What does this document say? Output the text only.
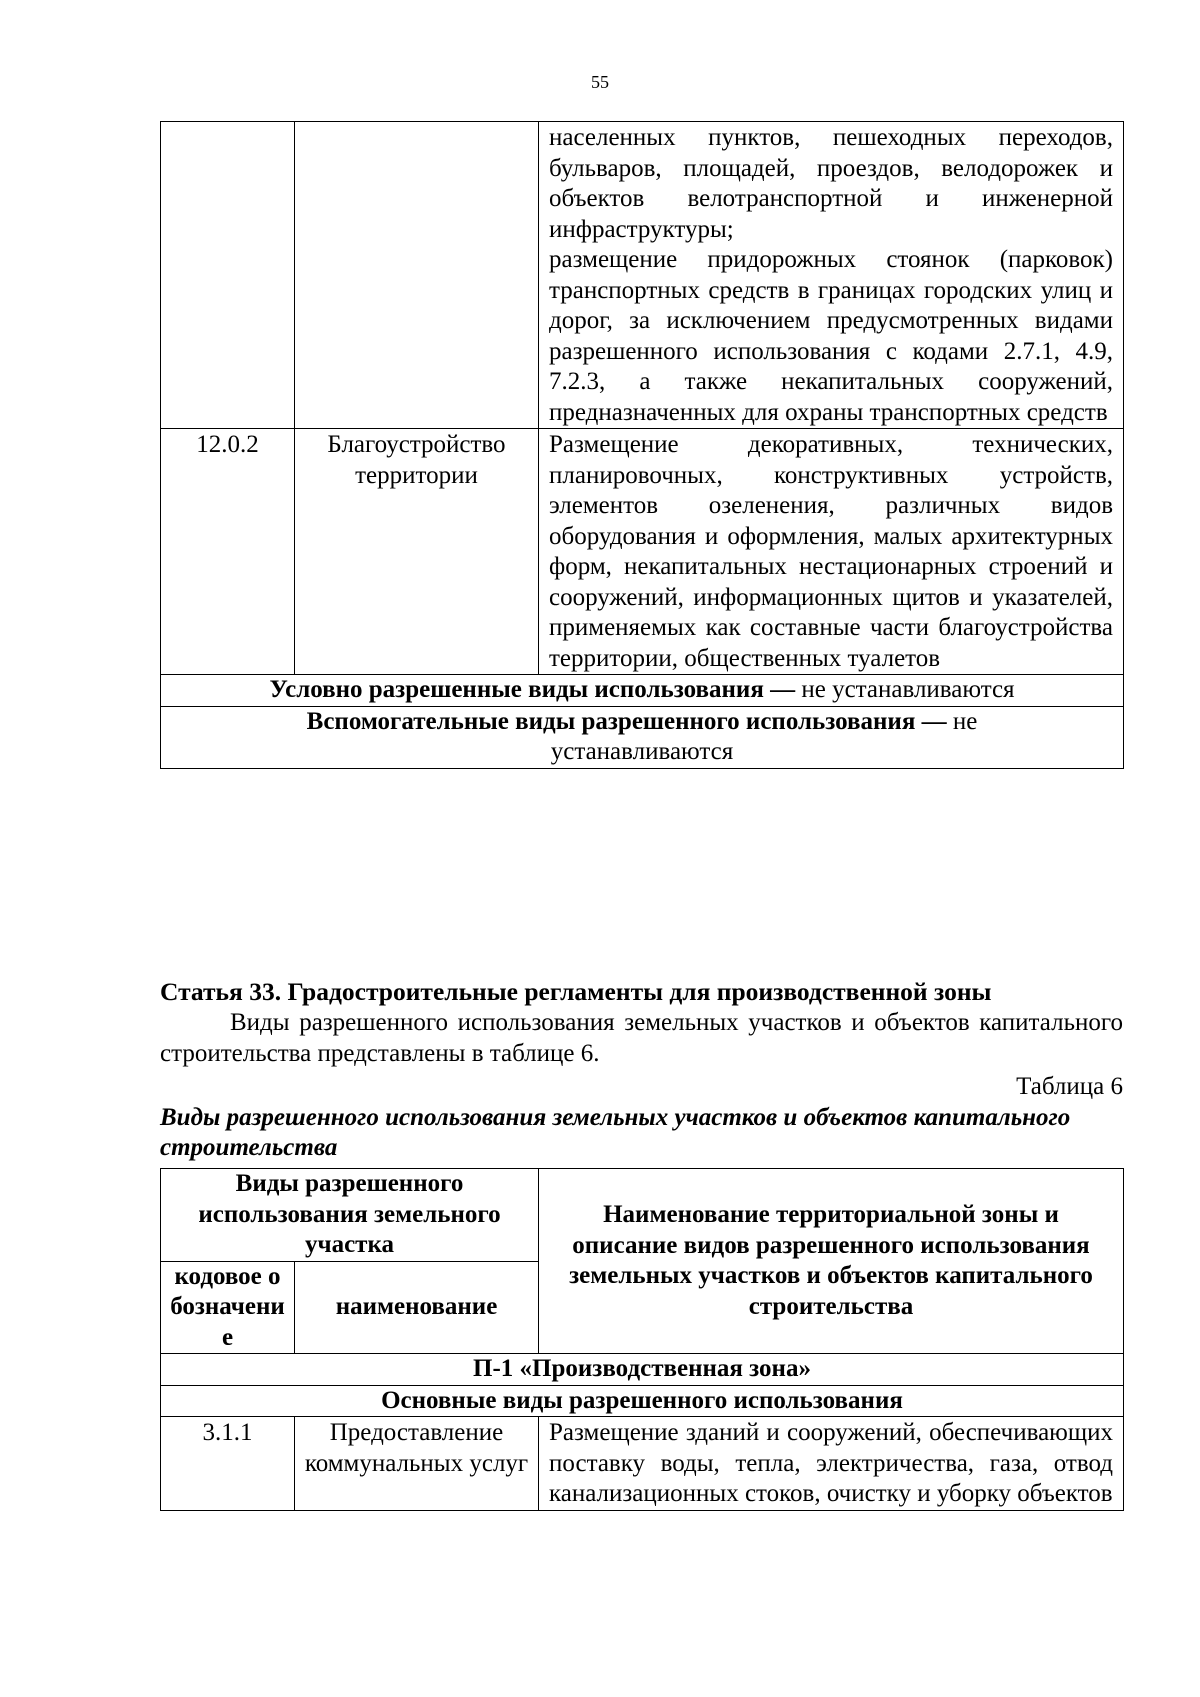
55

		населенных пунктов, пешеходных переходов, бульваров, площадей, проездов, велодорожек и объектов велотранспортной и инженерной инфраструктуры;

размещение придорожных стоянок (парковок) транспортных средств в границах городских улиц и дорог, за исключением предусмотренных видами разрешенного использования с кодами 2.7.1, 4.9, 7.2.3, а также некапитальных сооружений, предназначенных для охраны транспортных средств

12.0.2	Благоустройство территории	Размещение декоративных, технических, планировочных, конструктивных устройств, элементов озеленения, различных видов оборудования и оформления, малых архитектурных форм, некапитальных нестационарных строений и сооружений, информационных щитов и указателей, применяемых как составные части благоустройства территории, общественных туалетов
Условно разрешенные виды использования — не устанавливаются		
Вспомогательные виды разрешенного использования — не устанавливаются		
Статья 33. Градостроительные регламенты для производственной зоны
Виды разрешенного использования земельных участков и объектов капитального строительства представлены в таблице 6.
Таблица 6
Виды разрешенного использования земельных участков и объектов капитального строительства
Виды разрешенного использования земельного участка		Наименование территориальной зоны и описание видов разрешенного использования земельных участков и объектов капитального строительства
кодовое обозначение	наименование	
П-1 «Производственная зона»		
Основные виды разрешенного использования		
3.1.1	Предоставление коммунальных услуг	Размещение зданий и сооружений, обеспечивающих поставку воды, тепла, электричества, газа, отвод канализационных стоков, очистку и уборку объектов
